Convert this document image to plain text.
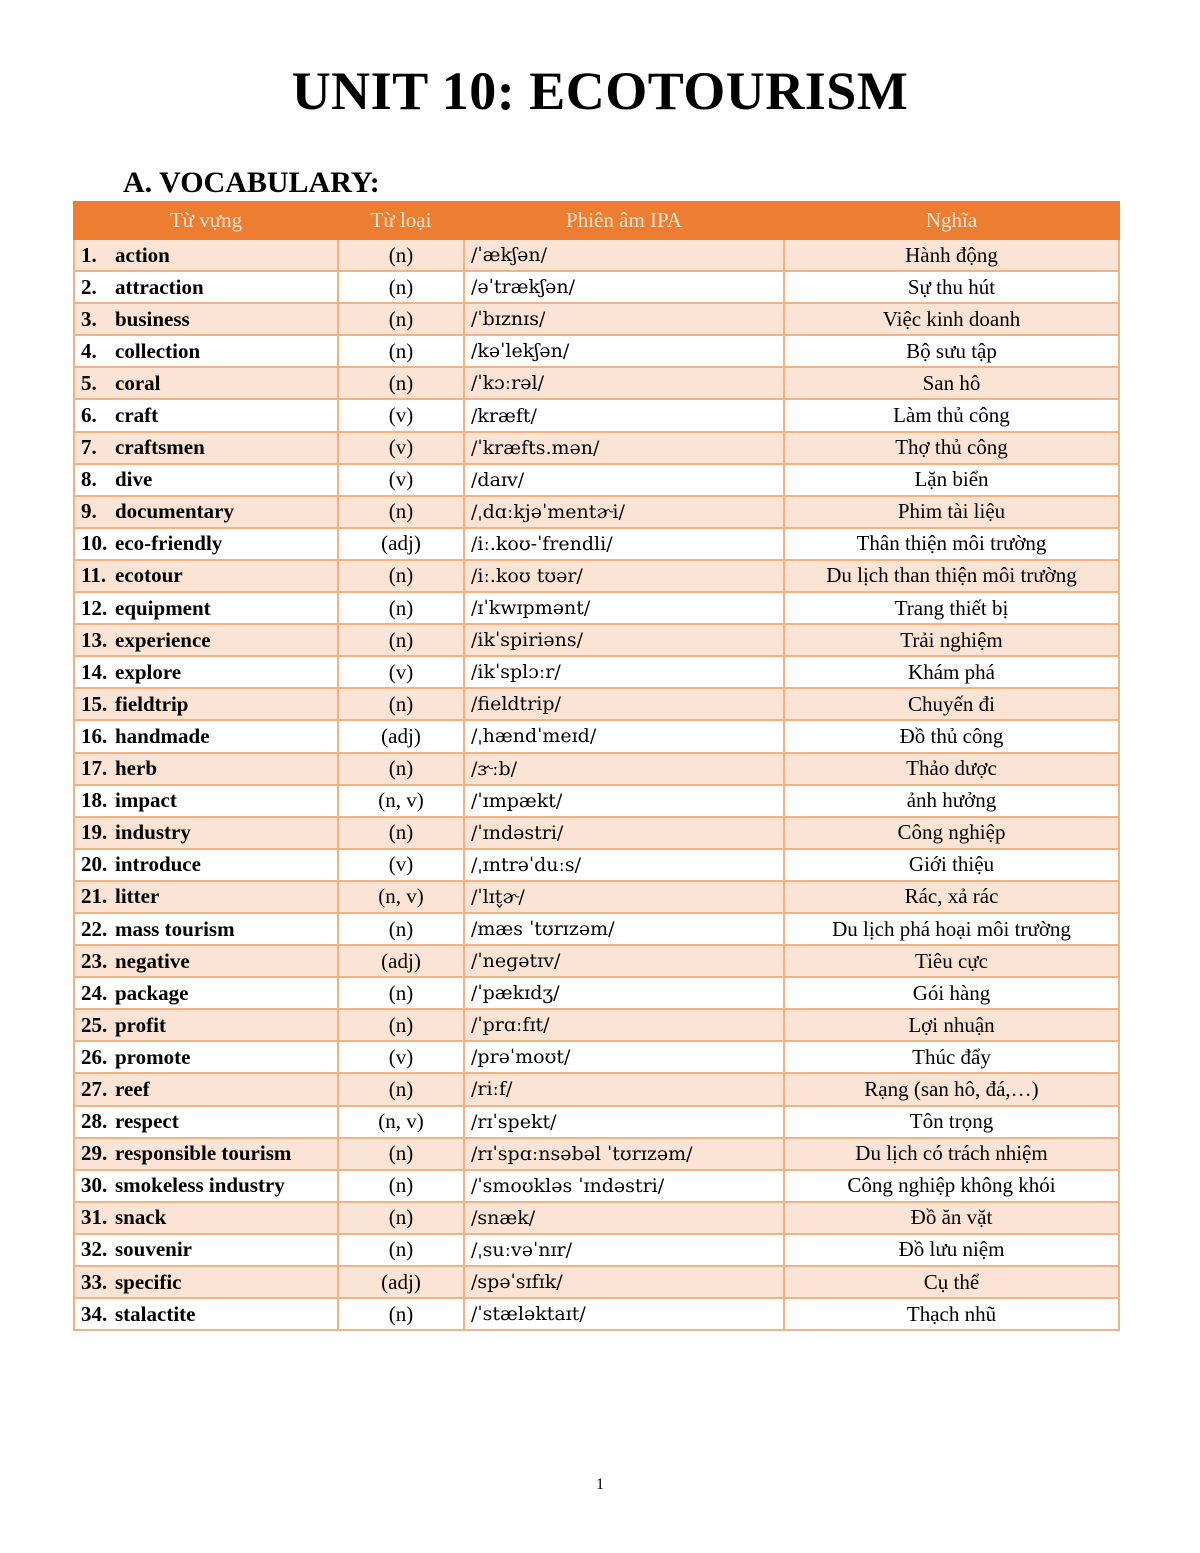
UNIT 10: ECOTOURISM
A. VOCABULARY:
Từ vựng	Từ loại	Phiên âm IPA	Nghĩa
1. action	(n)	/ˈækʃən/	Hành động
2. attraction	(n)	/əˈtrækʃən/	Sự thu hút
3. business	(n)	/ˈbɪznɪs/	Việc kinh doanh
4. collection	(n)	/kəˈlekʃən/	Bộ sưu tập
5. coral	(n)	/ˈkɔːrəl/	San hô
6. craft	(v)	/kræft/	Làm thủ công
7. craftsmen	(v)	/ˈkræfts.mən/	Thợ thủ công
8. dive	(v)	/daɪv/	Lặn biển
9. documentary	(n)	/ˌdɑːkjəˈmentɚi/	Phim tài liệu
10. eco-friendly	(adj)	/iː.koʊ-ˈfrendli/	Thân thiện môi trường
11. ecotour	(n)	/iː.koʊ tʊər/	Du lịch than thiện môi trường
12. equipment	(n)	/ɪˈkwɪpmənt/	Trang thiết bị
13. experience	(n)	/ikˈspiriəns/	Trải nghiệm
14. explore	(v)	/ikˈsplɔːr/	Khám phá
15. fieldtrip	(n)	/fieldtrip/	Chuyến đi
16. handmade	(adj)	/ˌhændˈmeɪd/	Đồ thủ công
17. herb	(n)	/ɝːb/	Thảo dược
18. impact	(n, v)	/ˈɪmpækt/	ảnh hưởng
19. industry	(n)	/ˈɪndəstri/	Công nghiệp
20. introduce	(v)	/ˌɪntrəˈduːs/	Giới thiệu
21. litter	(n, v)	/ˈlɪt̬ɚ/	Rác, xả rác
22. mass tourism	(n)	/mæs ˈtʊrɪzəm/	Du lịch phá hoại môi trường
23. negative	(adj)	/ˈneɡətɪv/	Tiêu cực
24. package	(n)	/ˈpækɪdʒ/	Gói hàng
25. profit	(n)	/ˈprɑːfɪt/	Lợi nhuận
26. promote	(v)	/prəˈmoʊt/	Thúc đẩy
27. reef	(n)	/riːf/	Rạng (san hô, đá,…)
28. respect	(n, v)	/rɪˈspekt/	Tôn trọng
29. responsible tourism	(n)	/rɪˈspɑːnsəbəl ˈtʊrɪzəm/	Du lịch có trách nhiệm
30. smokeless industry	(n)	/ˈsmoʊkləs ˈɪndəstri/	Công nghiệp không khói
31. snack	(n)	/snæk/	Đồ ăn vặt
32. souvenir	(n)	/ˌsuːvəˈnɪr/	Đồ lưu niệm
33. specific	(adj)	/spəˈsɪfɪk/	Cụ thể
34. stalactite	(n)	/ˈstæləktaɪt/	Thạch nhũ
1
